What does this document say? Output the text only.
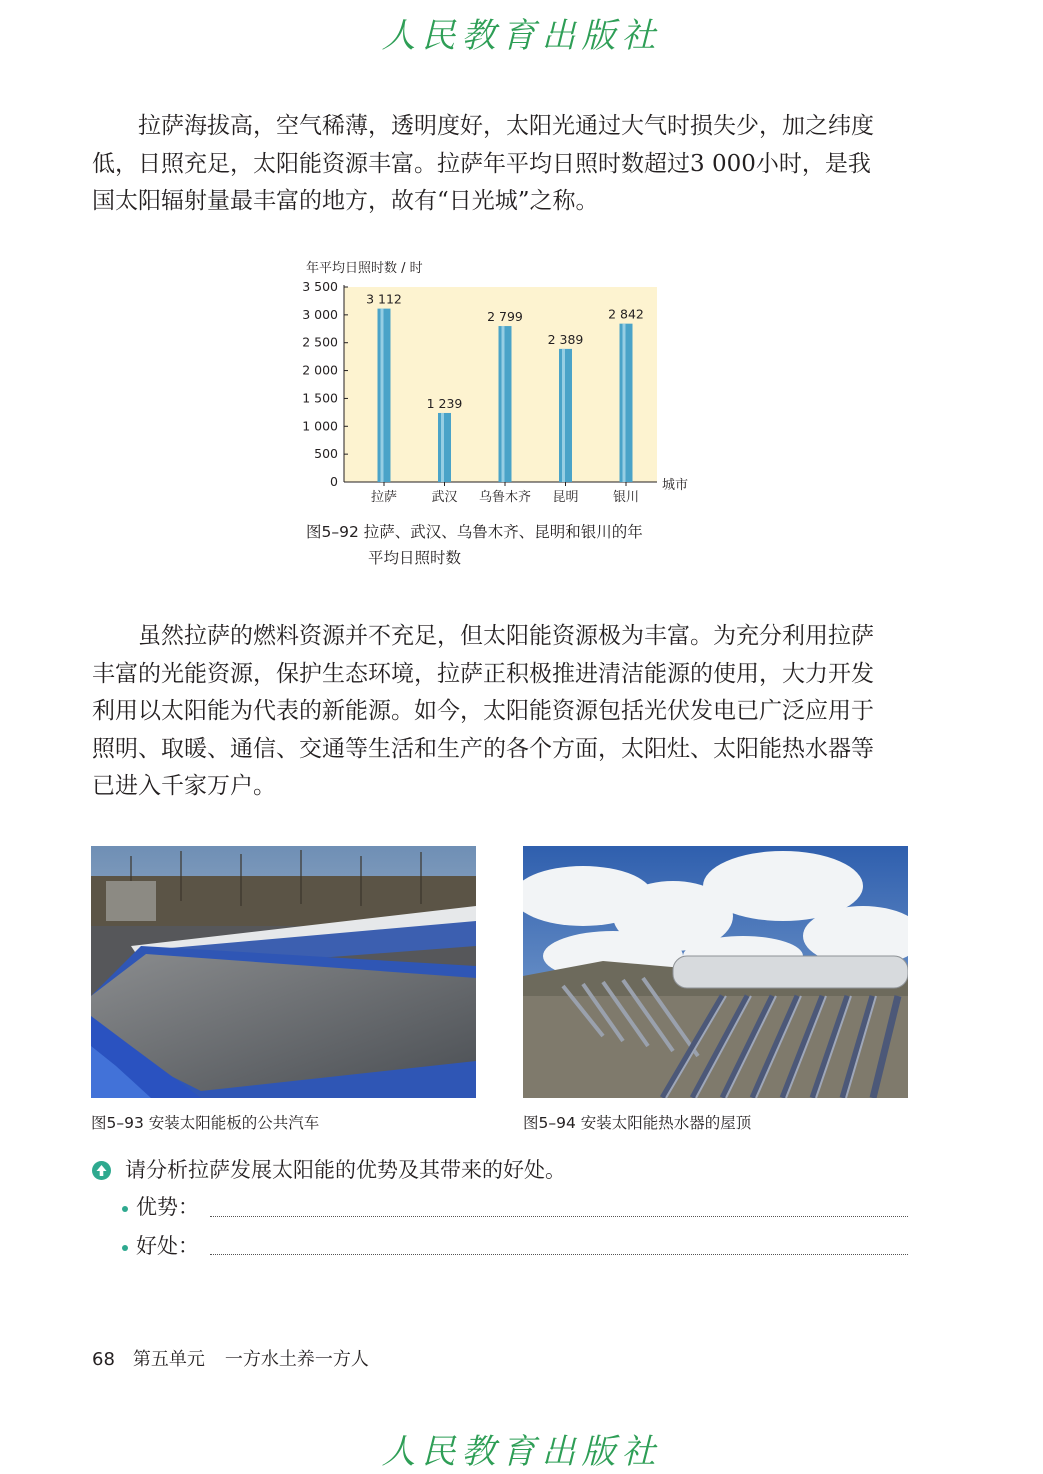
人民教育出版社

拉萨海拔高，空气稀薄，透明度好，太阳光通过大气时损失少，加之纬度
低，日照充足，太阳能资源丰富。拉萨年平均日照时数超过3 000小时，是我
国太阳辐射量最丰富的地方，故有“日光城”之称。

年平均日照时数 / 时
0
500
1 000
1 500
2 000
2 500
3 000
3 500
城市
3 112
拉萨
1 239
武汉
2 799
乌鲁木齐
2 389
昆明
2 842
银川

图5–92 拉萨、武汉、乌鲁木齐、昆明和银川的年
平均日照时数

虽然拉萨的燃料资源并不充足，但太阳能资源极为丰富。为充分利用拉萨
丰富的光能资源，保护生态环境，拉萨正积极推进清洁能源的使用，大力开发
利用以太阳能为代表的新能源。如今，太阳能资源包括光伏发电已广泛应用于
照明、取暖、通信、交通等生活和生产的各个方面，太阳灶、太阳能热水器等
已进入千家万户。

图5–93 安装太阳能板的公共汽车	图5–94 安装太阳能热水器的屋顶

请分析拉萨发展太阳能的优势及其带来的好处。
优势：
好处：
68 第五单元 一方水土养一方人
人民教育出版社
